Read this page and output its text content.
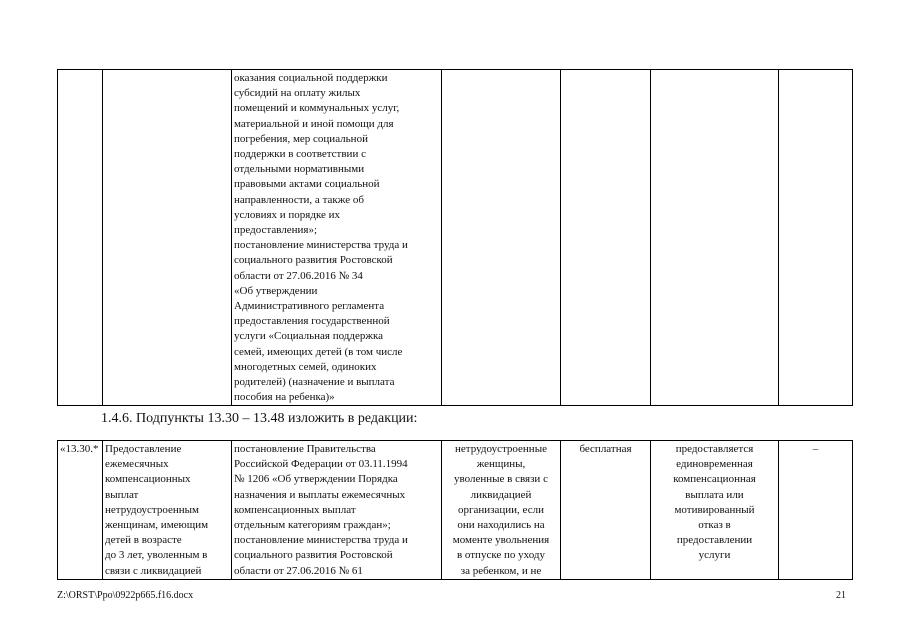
		оказания социальной поддержки
субсидий на оплату жилых
помещений и коммунальных услуг,
материальной и иной помощи для
погребения, мер социальной
поддержки в соответствии с
отдельными нормативными
правовыми актами социальной
направленности, а также об
условиях и порядке их
предоставления»;
постановление министерства труда и
социального развития Ростовской
области от 27.06.2016 № 34
«Об утверждении
Административного регламента
предоставления государственной
услуги «Социальная поддержка
семей, имеющих детей (в том числе
многодетных семей, одиноких
родителей) (назначение и выплата
пособия на ребенка)»				
1.4.6. Подпункты 13.30 – 13.48 изложить в редакции:
«13.30.*	Предоставление
ежемесячных
компенсационных
выплат
нетрудоустроенным
женщинам, имеющим
детей в возрасте
до 3 лет, уволенным в
связи с ликвидацией	постановление Правительства
Российской Федерации от 03.11.1994
№ 1206 «Об утверждении Порядка
назначения и выплаты ежемесячных
компенсационных выплат
отдельным категориям граждан»;
постановление министерства труда и
социального развития Ростовской
области от 27.06.2016 № 61	нетрудоустроенные
женщины,
уволенные в связи с
ликвидацией
организации, если
они находились на
моменте увольнения
в отпуске по уходу
за ребенком, и не	бесплатная	предоставляется
единовременная
компенсационная
выплата или
мотивированный
отказ в
предоставлении
услуги	–
Z:\ORST\Ppo\0922p665.f16.docx	21
